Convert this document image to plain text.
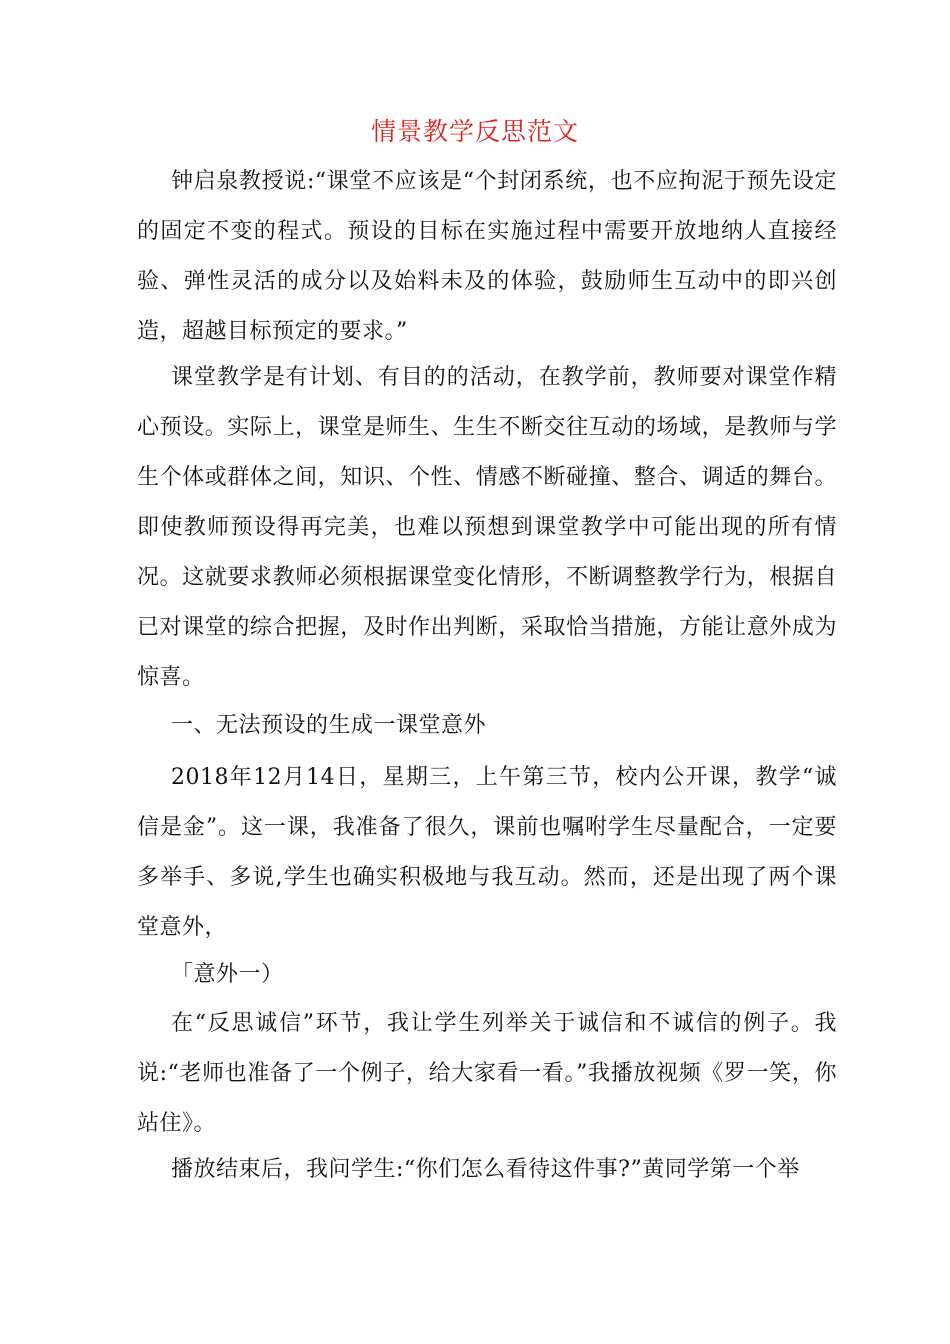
情景教学反思范文
钟启泉教授说:“课堂不应该是“个封闭系统，也不应拘泥于预先设定的固定不变的程式。预设的目标在实施过程中需要开放地纳人直接经验、弹性灵活的成分以及始料未及的体验，鼓励师生互动中的即兴创造，超越目标预定的要求。”
课堂教学是有计划、有目的的活动，在教学前，教师要对课堂作精心预设。实际上，课堂是师生、生生不断交往互动的场域，是教师与学生个体或群体之间，知识、个性、情感不断碰撞、整合、调适的舞台。即使教师预设得再完美，也难以预想到课堂教学中可能出现的所有情况。这就要求教师必须根据课堂变化情形，不断调整教学行为，根据自已对课堂的综合把握，及时作出判断，采取恰当措施，方能让意外成为惊喜。
一、无法预设的生成一课堂意外
2018年12月14日，星期三，上午第三节，校内公开课，教学“诚信是金”。这一课，我准备了很久，课前也嘱咐学生尽量配合，一定要多举手、多说,学生也确实积极地与我互动。然而，还是出现了两个课堂意外，
「意外一）
在“反思诚信”环节，我让学生列举关于诚信和不诚信的例子。我说:“老师也准备了一个例子，给大家看一看。”我播放视频《罗一笑，你站住》。
播放结束后，我问学生:“你们怎么看待这件事?”黄同学第一个举
